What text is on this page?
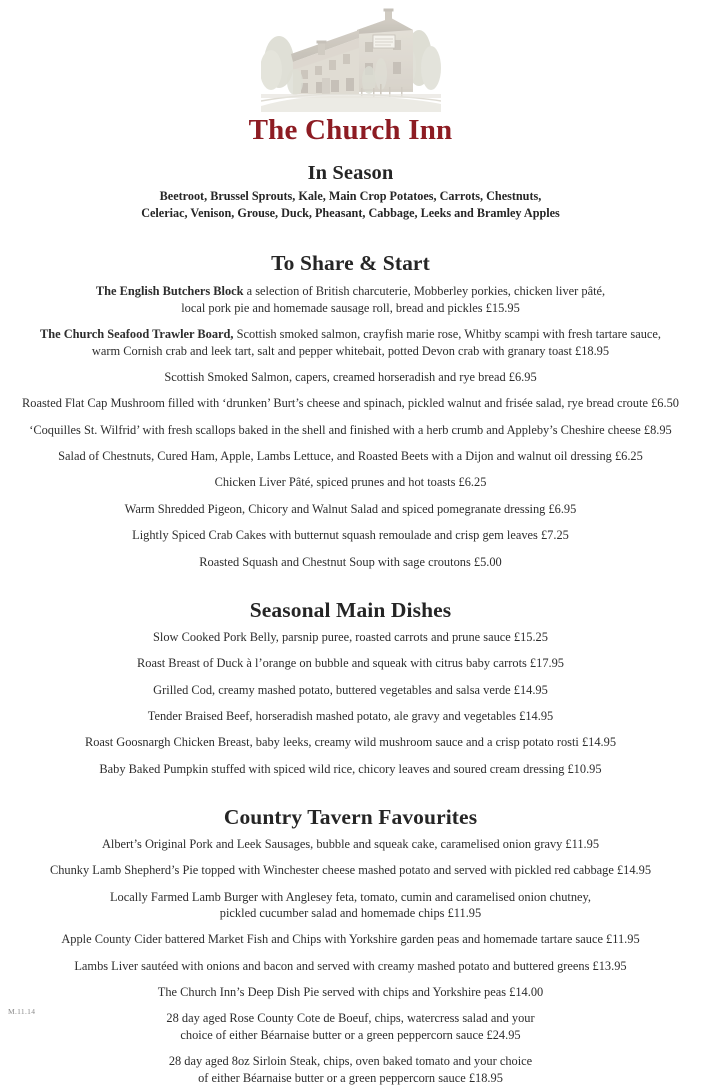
The Church Inn
In Season
Beetroot, Brussel Sprouts, Kale, Main Crop Potatoes, Carrots, Chestnuts,
Celeriac, Venison, Grouse, Duck, Pheasant, Cabbage, Leeks and Bramley Apples
To Share & Start
The English Butchers Block a selection of British charcuterie, Mobberley porkies, chicken liver pâté,
local pork pie and homemade sausage roll, bread and pickles £15.95
The Church Seafood Trawler Board, Scottish smoked salmon, crayfish marie rose, Whitby scampi with fresh tartare sauce,
warm Cornish crab and leek tart, salt and pepper whitebait, potted Devon crab with granary toast £18.95
Scottish Smoked Salmon, capers, creamed horseradish and rye bread £6.95
Roasted Flat Cap Mushroom filled with ‘drunken’ Burt’s cheese and spinach, pickled walnut and frisée salad, rye bread croute £6.50
‘Coquilles St. Wilfrid’ with fresh scallops baked in the shell and finished with a herb crumb and Appleby’s Cheshire cheese £8.95
Salad of Chestnuts, Cured Ham, Apple, Lambs Lettuce, and Roasted Beets with a Dijon and walnut oil dressing £6.25
Chicken Liver Pâté, spiced prunes and hot toasts £6.25
Warm Shredded Pigeon, Chicory and Walnut Salad and spiced pomegranate dressing £6.95
Lightly Spiced Crab Cakes with butternut squash remoulade and crisp gem leaves £7.25
Roasted Squash and Chestnut Soup with sage croutons £5.00
Seasonal Main Dishes
Slow Cooked Pork Belly, parsnip puree, roasted carrots and prune sauce £15.25
Roast Breast of Duck à l’orange on bubble and squeak with citrus baby carrots £17.95
Grilled Cod, creamy mashed potato, buttered vegetables and salsa verde £14.95
Tender Braised Beef, horseradish mashed potato, ale gravy and vegetables £14.95
Roast Goosnargh Chicken Breast, baby leeks, creamy wild mushroom sauce and a crisp potato rosti £14.95
Baby Baked Pumpkin stuffed with spiced wild rice, chicory leaves and soured cream dressing £10.95
Country Tavern Favourites
Albert’s Original Pork and Leek Sausages, bubble and squeak cake, caramelised onion gravy £11.95
Chunky Lamb Shepherd’s Pie topped with Winchester cheese mashed potato and served with pickled red cabbage £14.95
Locally Farmed Lamb Burger with Anglesey feta, tomato, cumin and caramelised onion chutney,
pickled cucumber salad and homemade chips £11.95
Apple County Cider battered Market Fish and Chips with Yorkshire garden peas and homemade tartare sauce £11.95
Lambs Liver sautéed with onions and bacon and served with creamy mashed potato and buttered greens £13.95
The Church Inn’s Deep Dish Pie served with chips and Yorkshire peas £14.00
28 day aged Rose County Cote de Boeuf, chips, watercress salad and your
choice of either Béarnaise butter or a green peppercorn sauce £24.95
28 day aged 8oz Sirloin Steak, chips, oven baked tomato and your choice
of either Béarnaise butter or a green peppercorn sauce £18.95
M.11.14
